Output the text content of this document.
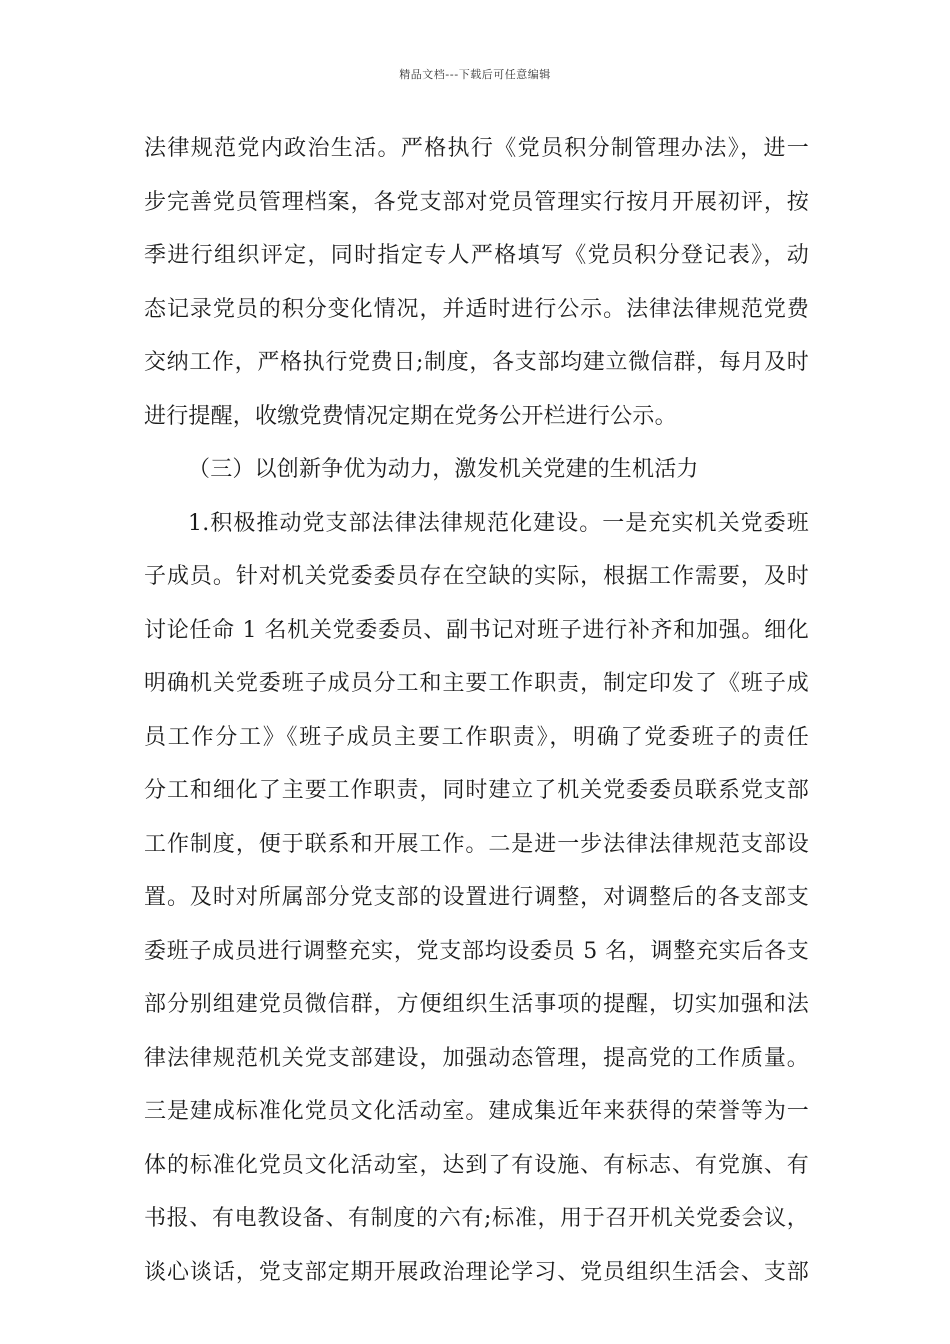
精品文档---下载后可任意编辑
法律规范党内政治生活。严格执行《党员积分制管理办法》，进一
步完善党员管理档案，各党支部对党员管理实行按月开展初评，按
季进行组织评定，同时指定专人严格填写《党员积分登记表》，动
态记录党员的积分变化情况，并适时进行公示。法律法律规范党费
交纳工作，严格执行党费日;制度，各支部均建立微信群，每月及时
进行提醒，收缴党费情况定期在党务公开栏进行公示。
（三）以创新争优为动力，激发机关党建的生机活力
1.积极推动党支部法律法律规范化建设。一是充实机关党委班
子成员。针对机关党委委员存在空缺的实际，根据工作需要，及时
讨论任命 1 名机关党委委员、副书记对班子进行补齐和加强。细化
明确机关党委班子成员分工和主要工作职责，制定印发了《班子成
员工作分工》《班子成员主要工作职责》，明确了党委班子的责任
分工和细化了主要工作职责，同时建立了机关党委委员联系党支部
工作制度，便于联系和开展工作。二是进一步法律法律规范支部设
置。及时对所属部分党支部的设置进行调整，对调整后的各支部支
委班子成员进行调整充实，党支部均设委员 5 名，调整充实后各支
部分别组建党员微信群，方便组织生活事项的提醒，切实加强和法
律法律规范机关党支部建设，加强动态管理，提高党的工作质量。
三是建成标准化党员文化活动室。建成集近年来获得的荣誉等为一
体的标准化党员文化活动室，达到了有设施、有标志、有党旗、有
书报、有电教设备、有制度的六有;标准，用于召开机关党委会议，
谈心谈话，党支部定期开展政治理论学习、党员组织生活会、支部
